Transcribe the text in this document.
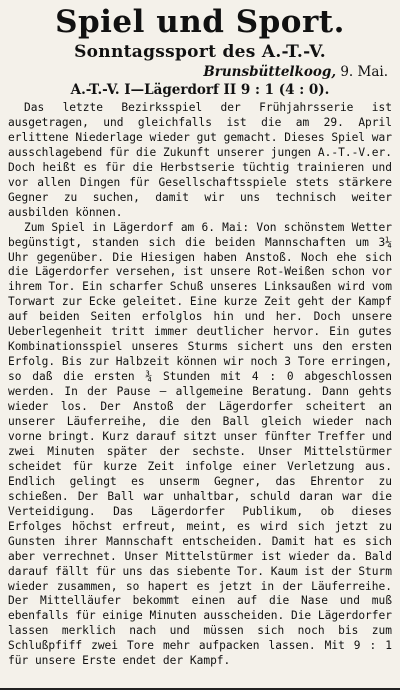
Spiel und Sport.
Sonntagssport des A.-T.-V.
Brunsbüttelkoog, 9. Mai.
A.-T.-V. I—Lägerdorf II 9 : 1 (4 : 0).

Das letzte Bezirksspiel der Frühjahrsserie ist ausgetragen, und gleichfalls ist die am 29. April erlittene Niederlage wieder gut gemacht. Dieses Spiel war ausschlagebend für die Zukunft unserer jungen A.-T.-V.er. Doch heißt es für die Herbstserie tüchtig trainieren und vor allen Dingen für Gesellschaftsspiele stets stärkere Gegner zu suchen, damit wir uns technisch weiter ausbilden können.

Zum Spiel in Lägerdorf am 6. Mai: Von schönstem Wetter begünstigt, standen sich die beiden Mannschaften um 3¼ Uhr gegenüber. Die Hiesigen haben Anstoß. Noch ehe sich die Lägerdorfer versehen, ist unsere Rot-Weißen schon vor ihrem Tor. Ein scharfer Schuß unseres Linksaußen wird vom Torwart zur Ecke geleitet. Eine kurze Zeit geht der Kampf auf beiden Seiten erfolglos hin und her. Doch unsere Ueberlegenheit tritt immer deutlicher hervor. Ein gutes Kombinationsspiel unseres Sturms sichert uns den ersten Erfolg. Bis zur Halbzeit können wir noch 3 Tore erringen, so daß die ersten ¾ Stunden mit 4 : 0 abgeschlossen werden. In der Pause — allgemeine Beratung. Dann gehts wieder los. Der Anstoß der Lägerdorfer scheitert an unserer Läuferreihe, die den Ball gleich wieder nach vorne bringt. Kurz darauf sitzt unser fünfter Treffer und zwei Minuten später der sechste. Unser Mittelstürmer scheidet für kurze Zeit infolge einer Verletzung aus. Endlich gelingt es unserm Gegner, das Ehrentor zu schießen. Der Ball war unhaltbar, schuld daran war die Verteidigung. Das Lägerdorfer Publikum, ob dieses Erfolges höchst erfreut, meint, es wird sich jetzt zu Gunsten ihrer Mannschaft entscheiden. Damit hat es sich aber verrechnet. Unser Mittelstürmer ist wieder da. Bald darauf fällt für uns das siebente Tor. Kaum ist der Sturm wieder zusammen, so hapert es jetzt in der Läuferreihe. Der Mittelläufer bekommt einen auf die Nase und muß ebenfalls für einige Minuten ausscheiden. Die Lägerdorfer lassen merklich nach und müssen sich noch bis zum Schlußpfiff zwei Tore mehr aufpacken lassen. Mit 9 : 1 für unsere Erste endet der Kampf.
